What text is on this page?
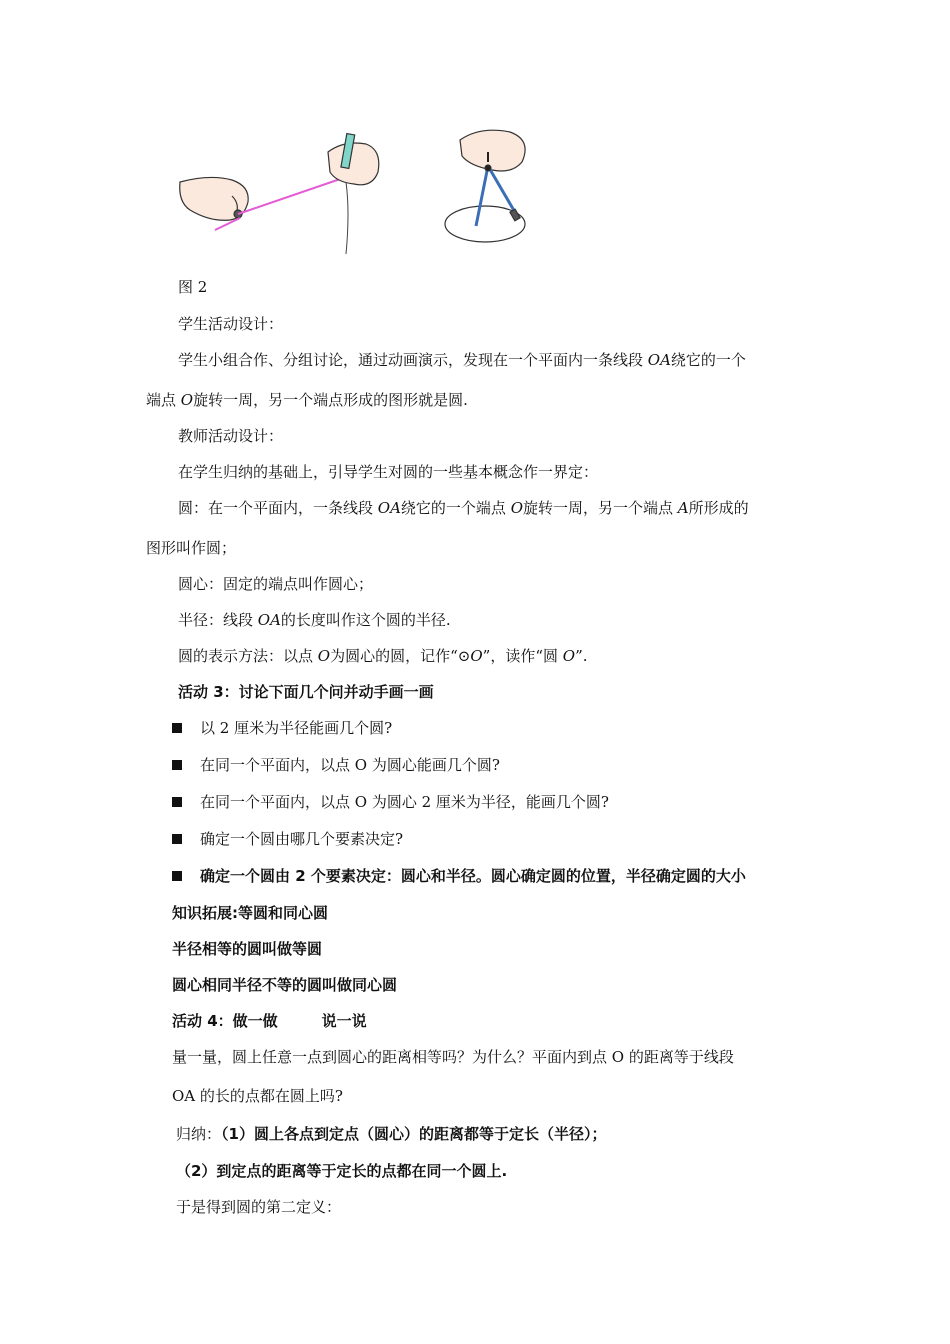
图 2
学生活动设计：
学生小组合作、分组讨论，通过动画演示，发现在一个平面内一条线段 OA绕它的一个
端点 O旋转一周，另一个端点形成的图形就是圆.
教师活动设计：
在学生归纳的基础上，引导学生对圆的一些基本概念作一界定：
圆：在一个平面内，一条线段 OA绕它的一个端点 O旋转一周，另一个端点 A所形成的
图形叫作圆；
圆心：固定的端点叫作圆心；
半径：线段 OA的长度叫作这个圆的半径.
圆的表示方法：以点 O为圆心的圆，记作“⊙O”，读作“圆 O”.
活动 3：讨论下面几个问并动手画一画
以 2 厘米为半径能画几个圆?
在同一个平面内，以点 O 为圆心能画几个圆?
在同一个平面内，以点 O 为圆心 2 厘米为半径，能画几个圆?
确定一个圆由哪几个要素决定?
确定一个圆由 2 个要素决定：圆心和半径。圆心确定圆的位置，半径确定圆的大小
知识拓展:等圆和同心圆
半径相等的圆叫做等圆
圆心相同半径不等的圆叫做同心圆
活动 4：做一做	说一说
量一量，圆上任意一点到圆心的距离相等吗？为什么？平面内到点 O 的距离等于线段
OA 的长的点都在圆上吗?
归纳：（1）圆上各点到定点（圆心）的距离都等于定长（半径）；
（2）到定点的距离等于定长的点都在同一个圆上.
于是得到圆的第二定义：
